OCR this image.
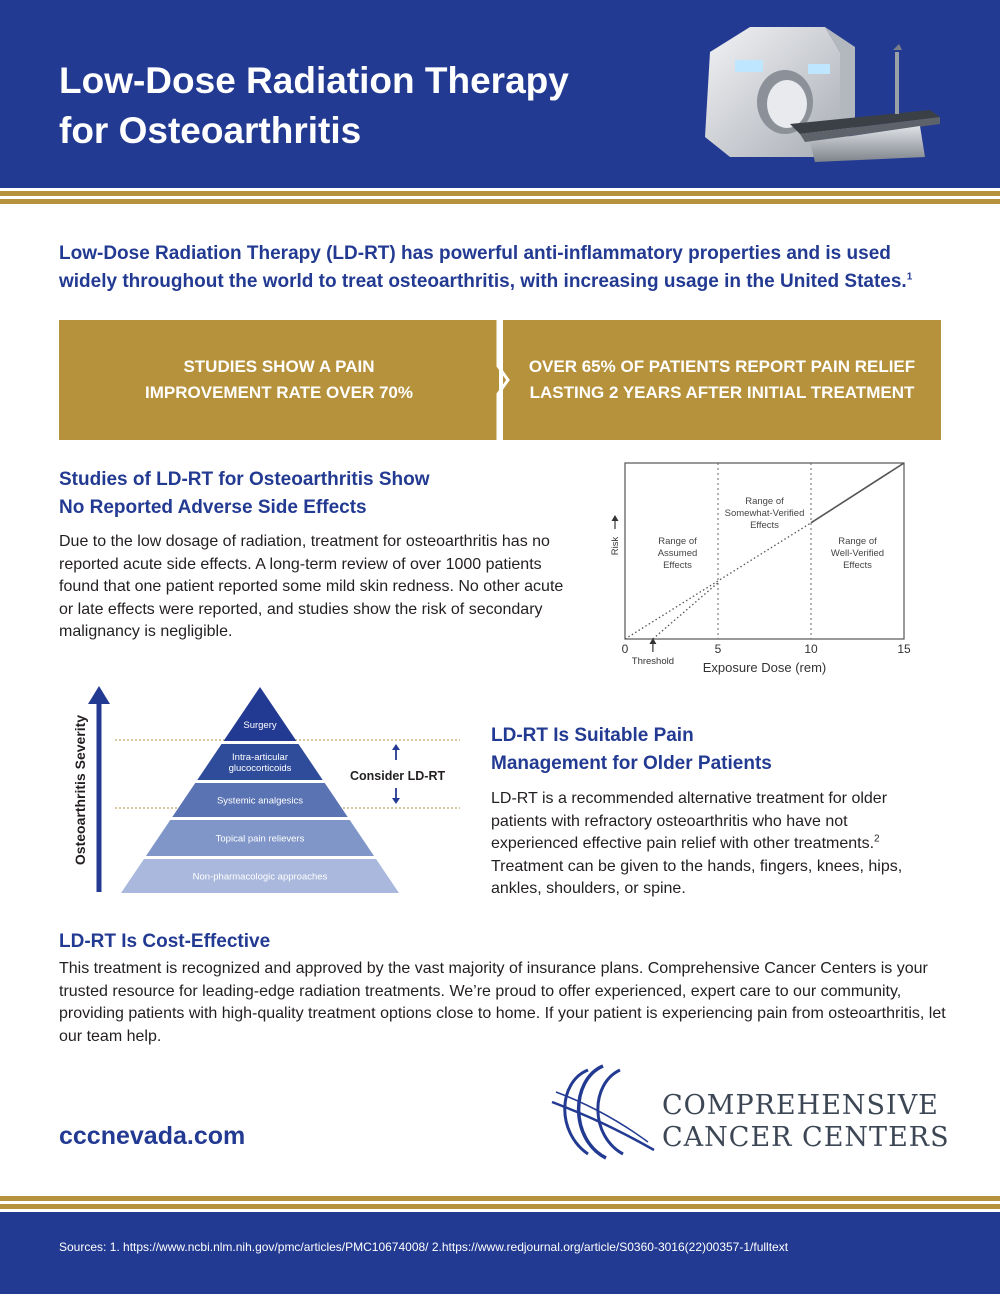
Low-Dose Radiation Therapy
for Osteoarthritis

Low-Dose Radiation Therapy (LD-RT) has powerful anti-inflammatory properties and is used widely throughout the world to treat osteoarthritis, with increasing usage in the United States.$^1$

STUDIES SHOW A PAIN
IMPROVEMENT RATE OVER 70%

OVER 65% OF PATIENTS REPORT PAIN RELIEF
LASTING 2 YEARS AFTER INITIAL TREATMENT

Studies of LD-RT for Osteoarthritis Show
No Reported Adverse Side Effects

Due to the low dosage of radiation, treatment for osteoarthritis has no reported acute side effects. A long-term review of over 1000 patients found that one patient reported some mild skin redness. No other acute or late effects were reported, and studies show the risk of secondary malignancy is negligible.

Range of Assumed Effects
Range of Somewhat-Verified Effects
Range of Well-Verified Effects
0	5	10	15
Exposure Dose (rem)
Threshold
Risk
Osteoarthritis Severity	Surgery
Intra-articular glucocorticoids
Systemic analgesics
Topical pain relievers
Non-pharmacologic approaches
Consider LD-RT
LD-RT Is Suitable Pain
Management for Older Patients

LD-RT is a recommended alternative treatment for older patients with refractory osteoarthritis who have not experienced effective pain relief with other treatments.$^2$ Treatment can be given to the hands, fingers, knees, hips, ankles, shoulders, or spine.

LD-RT Is Cost-Effective

This treatment is recognized and approved by the vast majority of insurance plans. Comprehensive Cancer Centers is your trusted resource for leading-edge radiation treatments. We’re proud to offer experienced, expert care to our community, providing patients with high-quality treatment options close to home. If your patient is experiencing pain from osteoarthritis, let our team help.

cccnevada.com

COMPREHENSIVE

CANCER CENTERS

Sources: 1. https://www.ncbi.nlm.nih.gov/pmc/articles/PMC10674008/ 2.https://www.redjournal.org/article/S0360-3016(22)00357-1/fulltext
